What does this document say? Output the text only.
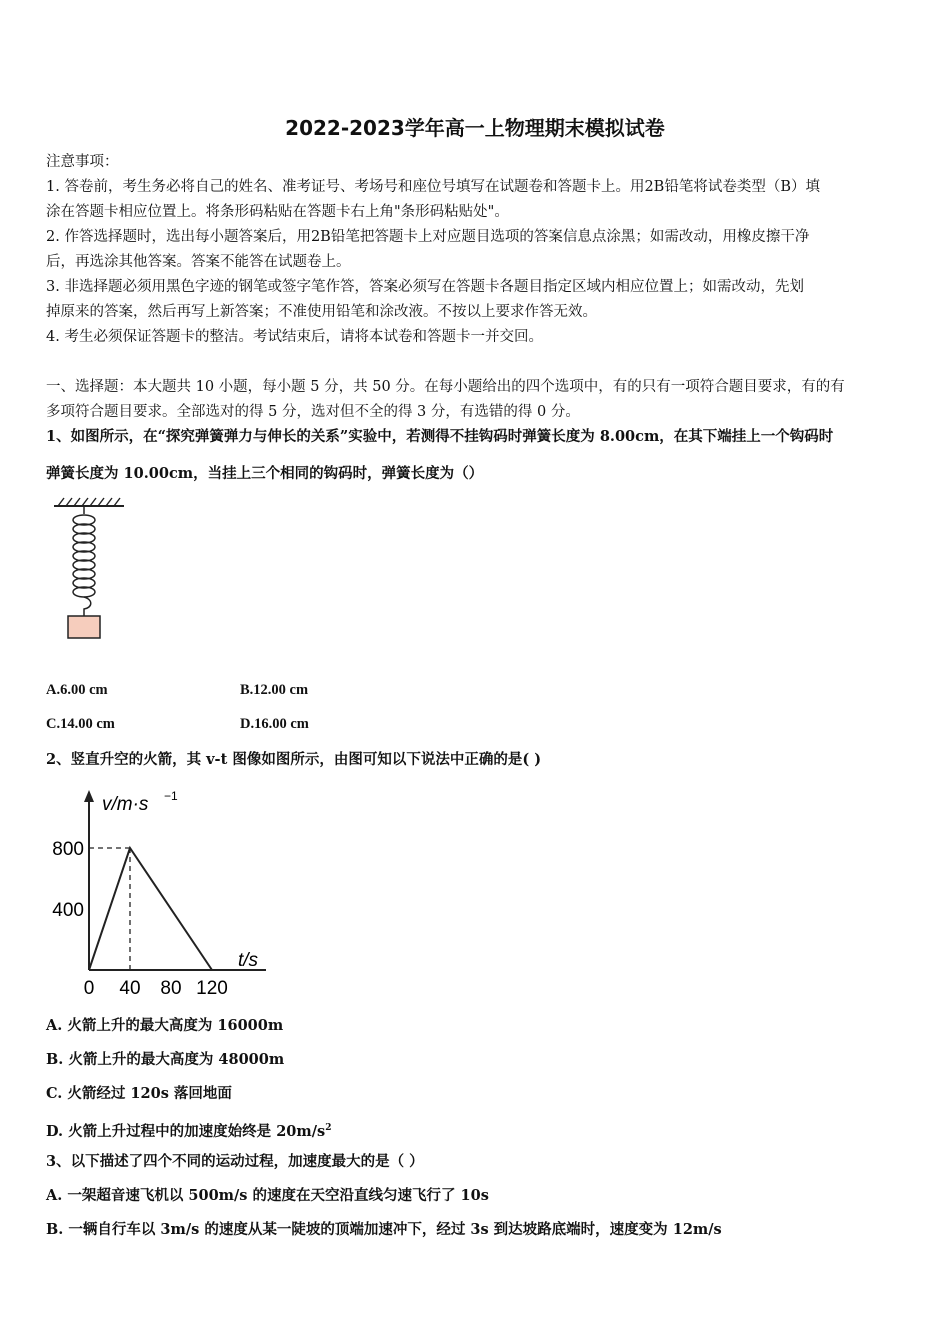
2022-2023学年高一上物理期末模拟试卷
注意事项：
1. 答卷前，考生务必将自己的姓名、准考证号、考场号和座位号填写在试题卷和答题卡上。用2B铅笔将试卷类型（B）填
涂在答题卡相应位置上。将条形码粘贴在答题卡右上角"条形码粘贴处"。
2. 作答选择题时，选出每小题答案后，用2B铅笔把答题卡上对应题目选项的答案信息点涂黑；如需改动，用橡皮擦干净
后，再选涂其他答案。答案不能答在试题卷上。
3. 非选择题必须用黑色字迹的钢笔或签字笔作答，答案必须写在答题卡各题目指定区域内相应位置上；如需改动，先划
掉原来的答案，然后再写上新答案；不准使用铅笔和涂改液。不按以上要求作答无效。
4. 考生必须保证答题卡的整洁。考试结束后，请将本试卷和答题卡一并交回。
一、选择题：本大题共 10 小题，每小题 5 分，共 50 分。在每小题给出的四个选项中，有的只有一项符合题目要求，有的有
多项符合题目要求。全部选对的得 5 分，选对但不全的得 3 分，有选错的得 0 分。
1、如图所示，在“探究弹簧弹力与伸长的关系”实验中，若测得不挂钩码时弹簧长度为 8.00cm，在其下端挂上一个钩码时
弹簧长度为 10.00cm，当挂上三个相同的钩码时，弹簧长度为（）
A.6.00 cm	B.12.00 cm
C.14.00 cm	D.16.00 cm
2、竖直升空的火箭，其 v-t 图像如图所示，由图可知以下说法中正确的是( )
v/m·s −1
t/s
0 40 80 120
800
400
A. 火箭上升的最大高度为 16000m
B. 火箭上升的最大高度为 48000m
C. 火箭经过 120s 落回地面
D. 火箭上升过程中的加速度始终是 $20m/s^2$
3、以下描述了四个不同的运动过程，加速度最大的是（ ）
A. 一架超音速飞机以 500m/s 的速度在天空沿直线匀速飞行了 10s
B. 一辆自行车以 3m/s 的速度从某一陡坡的顶端加速冲下，经过 3s 到达坡路底端时，速度变为 12m/s
